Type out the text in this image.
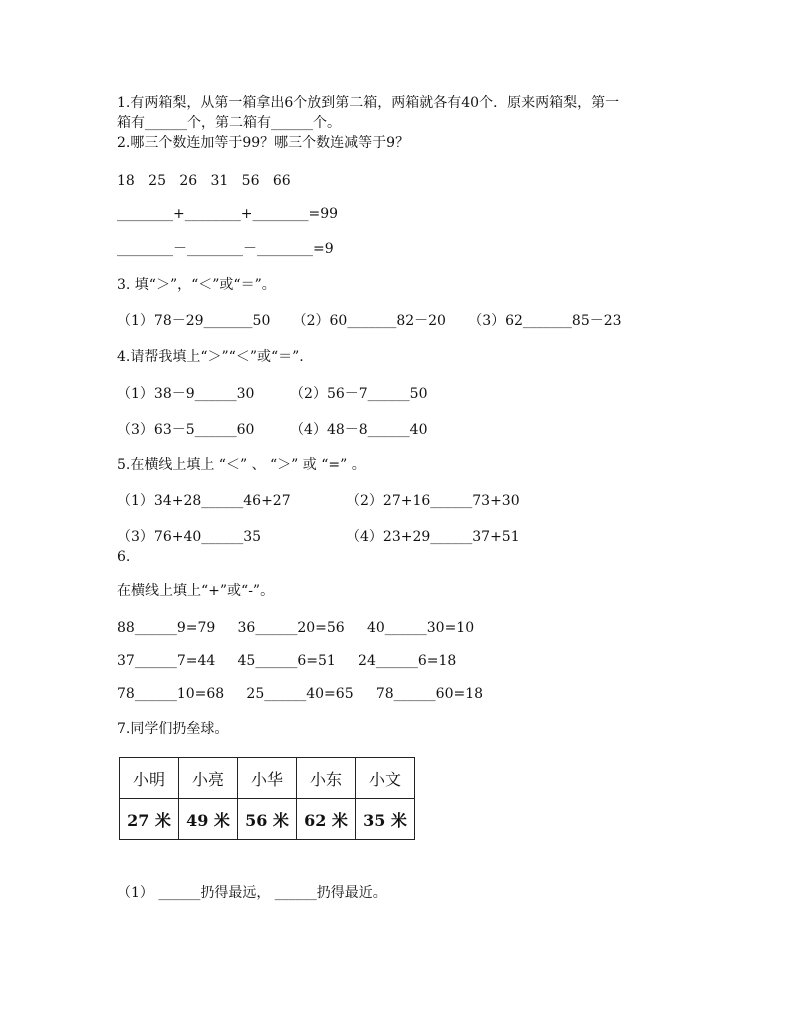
1.有两箱梨，从第一箱拿出6个放到第二箱，两箱就各有40个．原来两箱梨，第一
箱有______个，第二箱有______个。
2.哪三个数连加等于99？哪三个数连减等于9？
18   25   26   31   56   66
________+________+________=99
________－________－________=9
3. 填“＞”，“＜”或“＝”。
（1）78－29_______50     （2）60_______82－20     （3）62_______85－23
4.请帮我填上“＞”“＜”或“＝”.
（1）38－9______30        （2）56－7______50
（3）63－5______60        （4）48－8______40
5.在横线上填上 “＜” 、 “＞” 或 “=” 。
（1）34+28______46+27	（2）27+16______73+30
（3）76+40______35	（4）23+29______37+51
6.
在横线上填上“+”或“-”。
88______9=79     36______20=56     40______30=10
37______7=44     45______6=51     24______6=18
78______10=68     25______40=65     78______60=18
7.同学们扔垒球。
小明	小亮	小华	小东	小文
27 米	49 米	56 米	62 米	35 米
（1） ______扔得最远， ______扔得最近。
